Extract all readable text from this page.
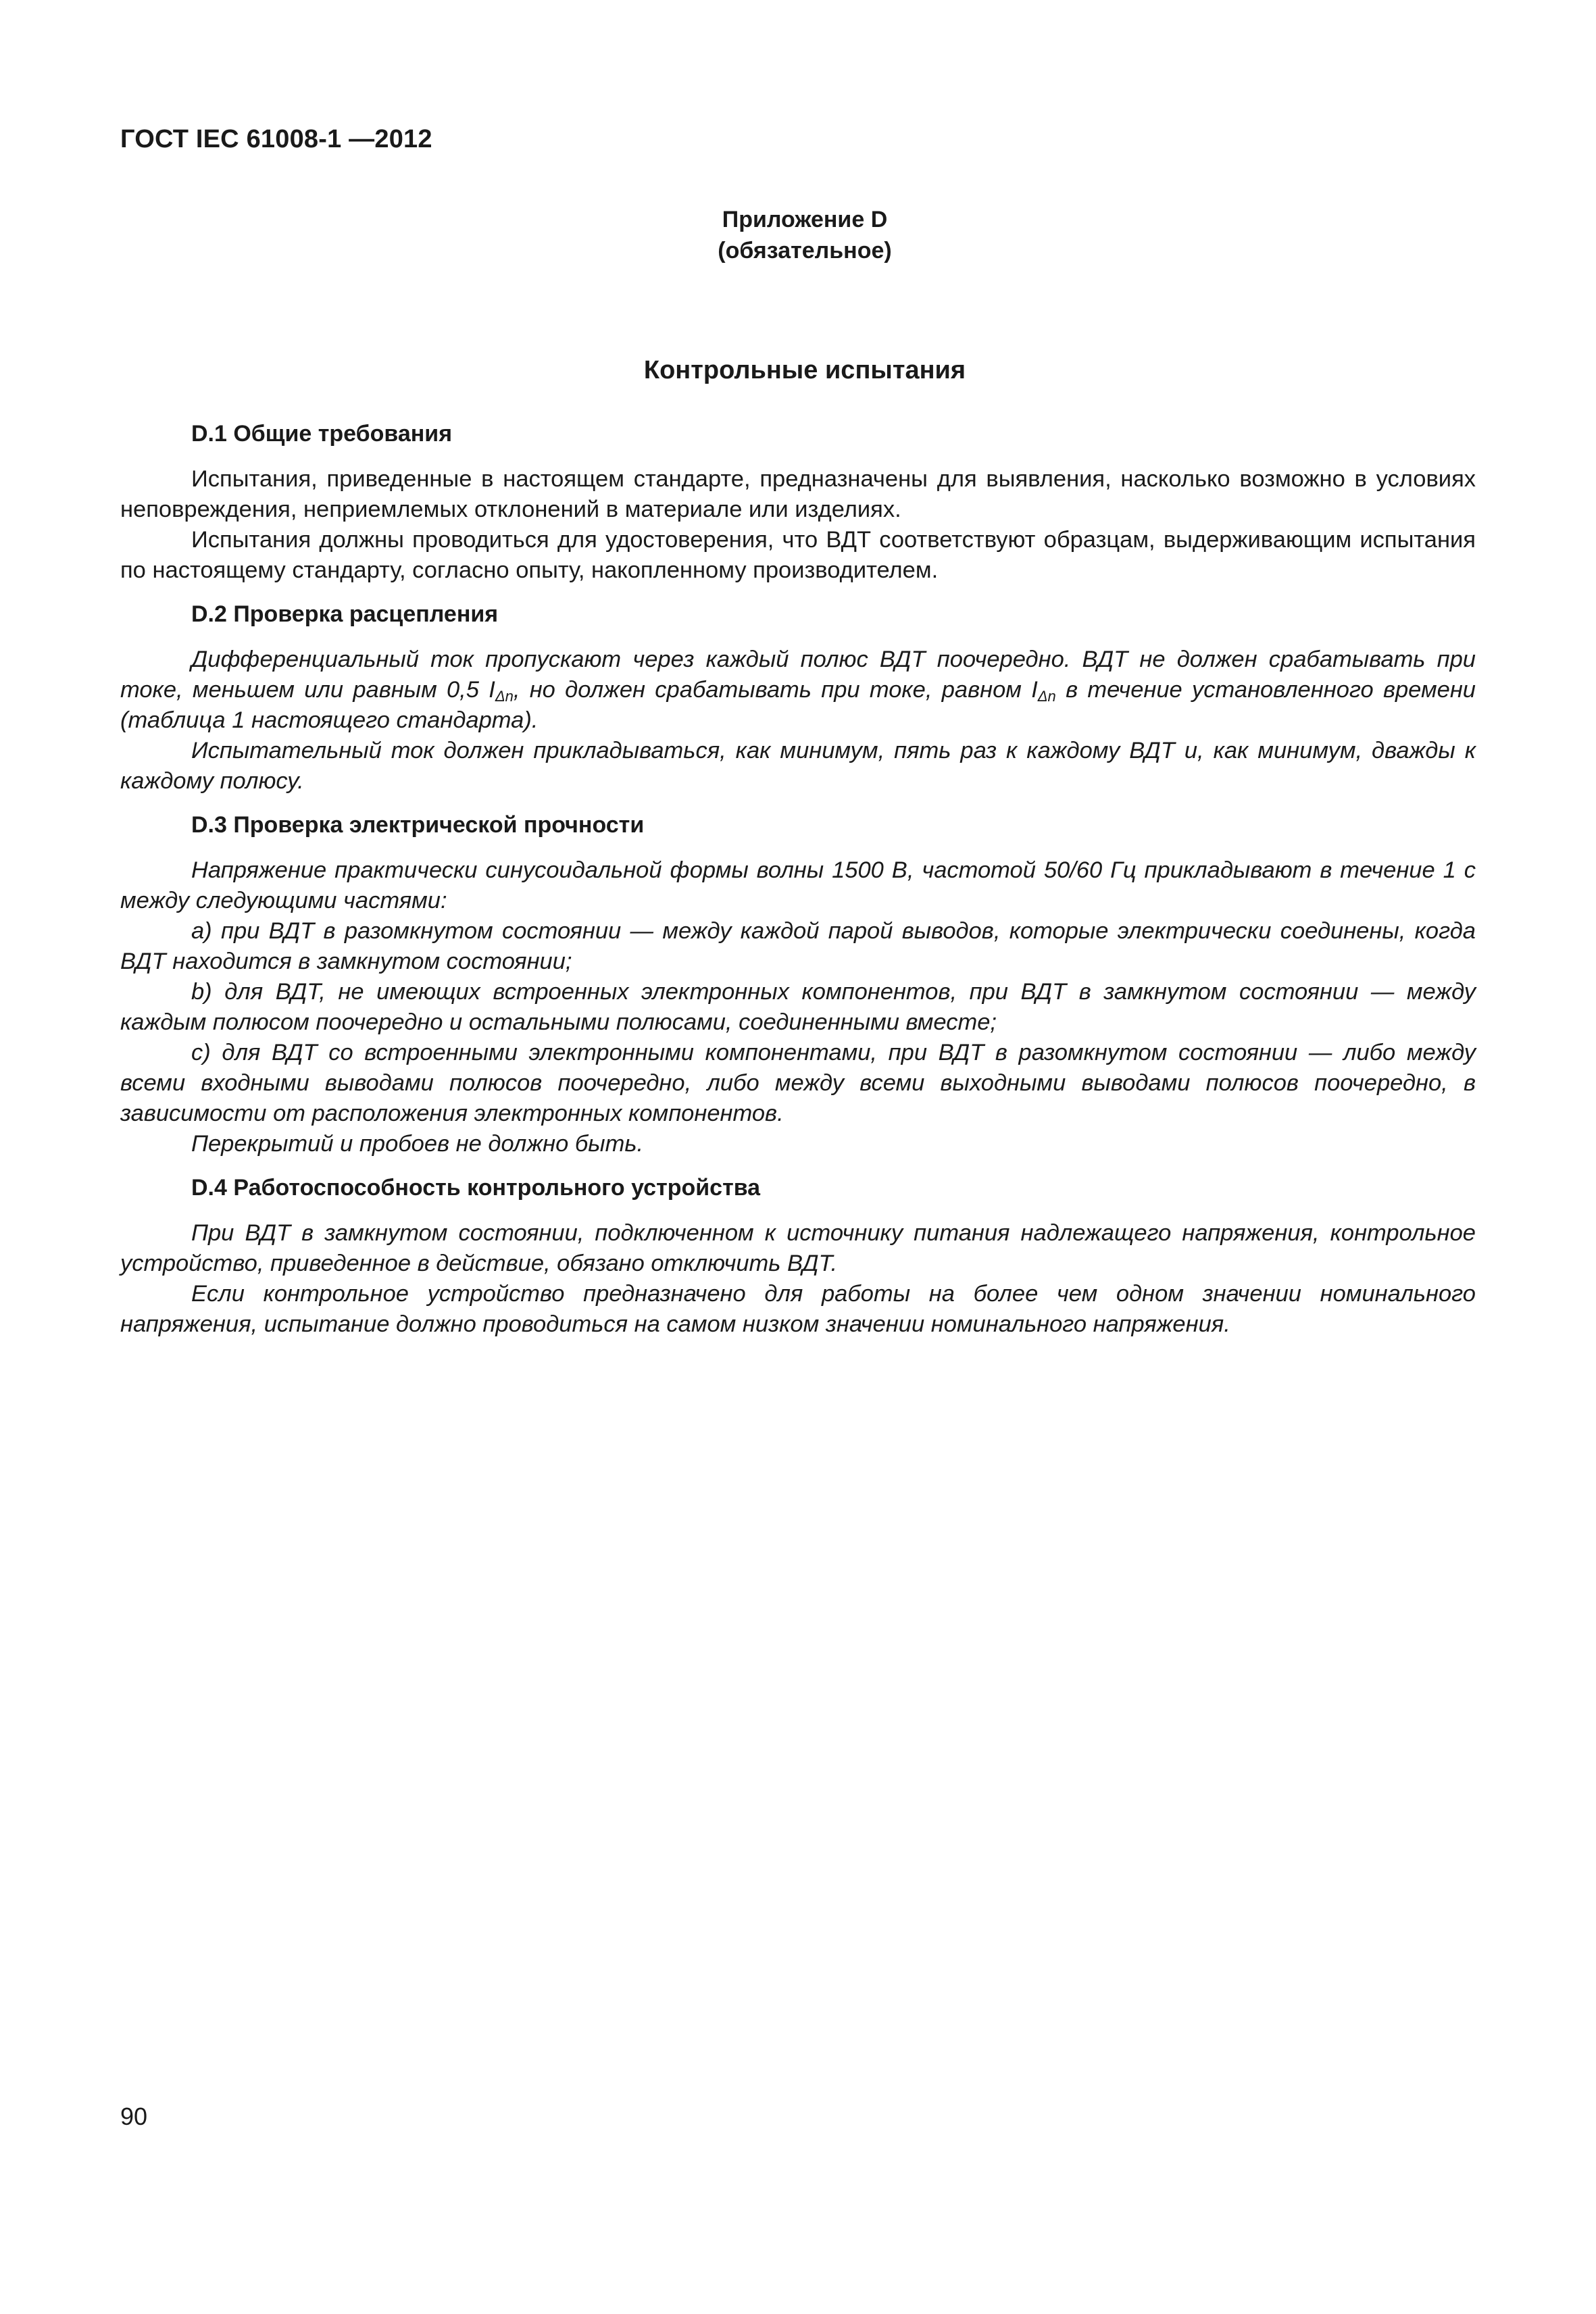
ГОСТ IEC 61008-1 —2012
Приложение D
(обязательное)
Контрольные испытания

D.1 Общие требования

Испытания, приведенные в настоящем стандарте, предназначены для выявления, насколько возможно в условиях неповреждения, неприемлемых отклонений в материале или изделиях.

Испытания должны проводиться для удостоверения, что ВДТ соответствуют образцам, выдерживающим испытания по настоящему стандарту, согласно опыту, накопленному производителем.

D.2 Проверка расцепления

Дифференциальный ток пропускают через каждый полюс ВДТ поочередно. ВДТ не должен срабатывать при токе, меньшем или равным 0,5 $I_{\Delta n}$, но должен срабатывать при токе, равном $I_{\Delta n}$ в течение установленного времени (таблица 1 настоящего стандарта).

Испытательный ток должен прикладываться, как минимум, пять раз к каждому ВДТ и, как минимум, дважды к каждому полюсу.

D.3 Проверка электрической прочности

Напряжение практически синусоидальной формы волны 1500 В, частотой 50/60 Гц прикладывают в течение 1 с между следующими частями:

a) при ВДТ в разомкнутом состоянии — между каждой парой выводов, которые электрически соединены, когда ВДТ находится в замкнутом состоянии;

b) для ВДТ, не имеющих встроенных электронных компонентов, при ВДТ в замкнутом состоянии — между каждым полюсом поочередно и остальными полюсами, соединенными вместе;

c) для ВДТ со встроенными электронными компонентами, при ВДТ в разомкнутом состоянии — либо между всеми входными выводами полюсов поочередно, либо между всеми выходными выводами полюсов поочередно, в зависимости от расположения электронных компонентов.

Перекрытий и пробоев не должно быть.

D.4 Работоспособность контрольного устройства

При ВДТ в замкнутом состоянии, подключенном к источнику питания надлежащего напряжения, контрольное устройство, приведенное в действие, обязано отключить ВДТ.

Если контрольное устройство предназначено для работы на более чем одном значении номинального напряжения, испытание должно проводиться на самом низком значении номинального напряжения.

90
